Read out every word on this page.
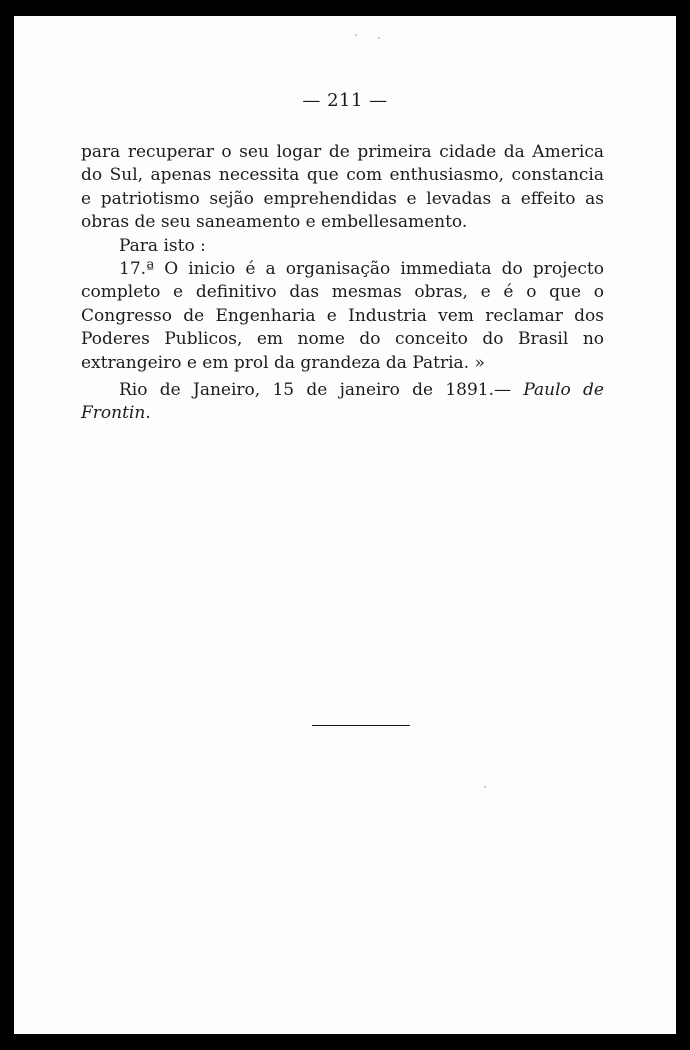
— 211 —

para recuperar o seu logar de primeira cidade da America do Sul, apenas necessita que com enthusiasmo, constancia e patriotismo sejão emprehendidas e levadas a effeito as obras de seu saneamento e embellesamento.

Para isto :

17.ª O inicio é a organisação immediata do projecto completo e definitivo das mesmas obras, e é o que o Congresso de Engenharia e Industria vem reclamar dos Poderes Publicos, em nome do conceito do Brasil no extrangeiro e em prol da grandeza da Patria. »

Rio de Janeiro, 15 de janeiro de 1891.— Paulo de Frontin.
